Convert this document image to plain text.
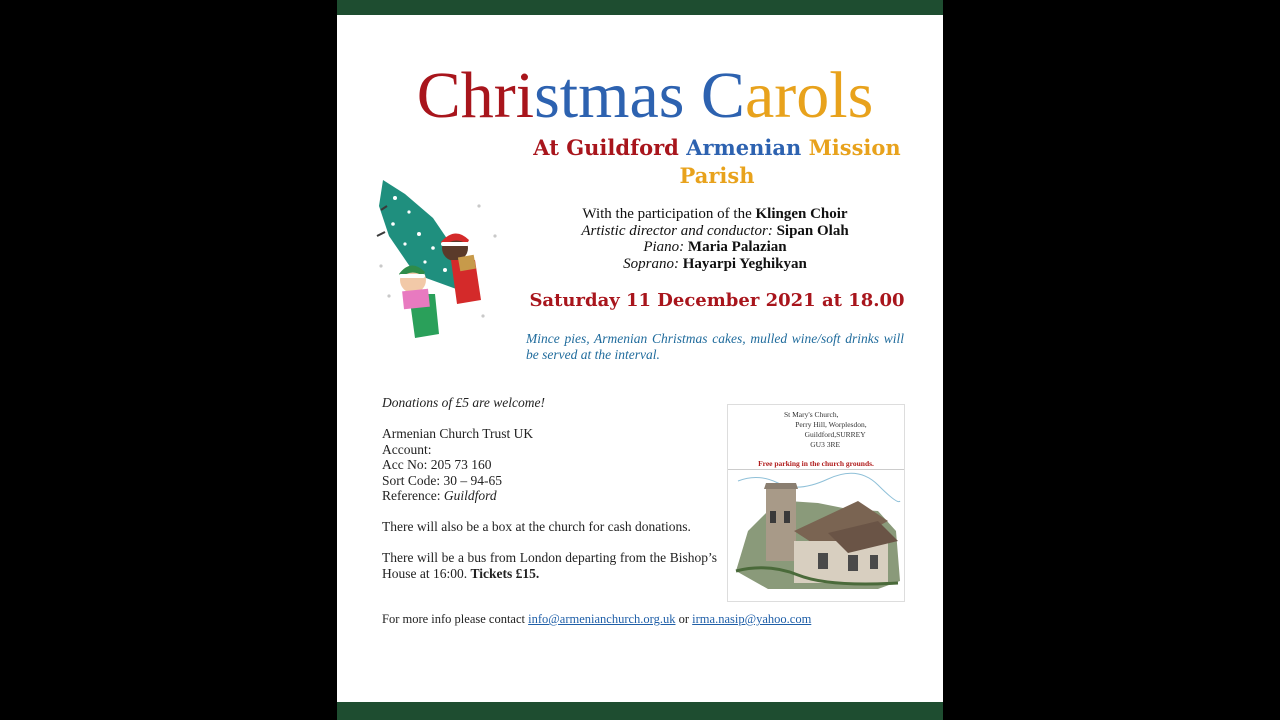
Christmas Carols
At Guildford Armenian Mission Parish
With the participation of the Klingen Choir
Artistic director and conductor: Sipan Olah
Piano: Maria Palazian
Soprano: Hayarpi Yeghikyan
Saturday 11 December 2021 at 18.00
Mince pies, Armenian Christmas cakes, mulled wine/soft drinks will be served at the interval.

Donations of £5 are welcome!

Armenian Church Trust UK

Account:

Acc No: 205 73 160

Sort Code: 30 – 94-65

Reference: Guildford

There will also be a box at the church for cash donations.

There will be a bus from London departing from the Bishop’s House at 16:00. Tickets £15.

For more info please contact info@armenianchurch.org.uk or irma.nasip@yahoo.com
St Mary's Church,
Perry Hill, Worplesdon,
Guildford,SURREY
GU3 3RE
Free parking in the church grounds.
